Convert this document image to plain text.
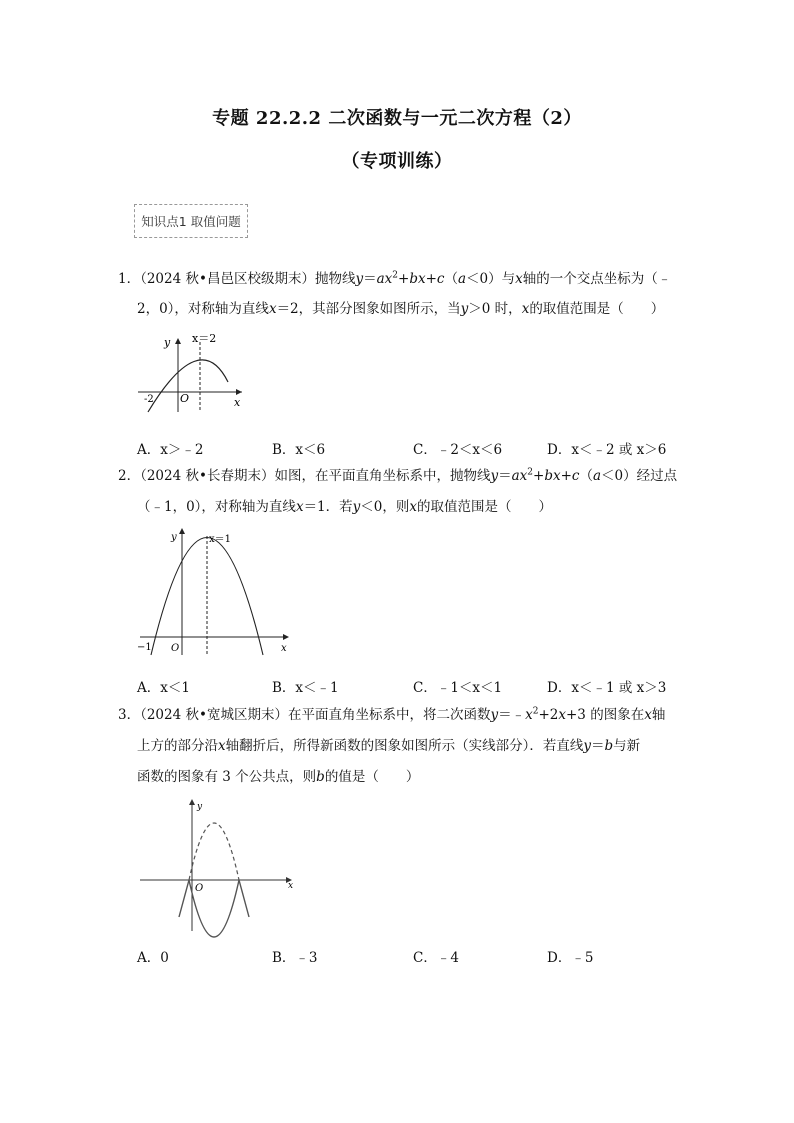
专题 22.2.2 二次函数与一元二次方程（2）
（专项训练）
知识点1 取值问题
1．（2024 秋•昌邑区校级期末）抛物线$y=ax^2+bx+c(a<0)$与x轴的一个交点坐标为（﹣
2，0），对称轴为直线x＝2，其部分图象如图所示，当y＞0 时，x的取值范围是（　　）
y x＝2
O	x
-2
A．x＞﹣2	B．x＜6	C．﹣2＜x＜6	D．x＜﹣2 或 x＞6
2．（2024 秋•长春期末）如图，在平面直角坐标系中，抛物线$y=ax^2+bx+c(a<0)$经过点
（﹣1，0），对称轴为直线x＝1．若y＜0，则x的取值范围是（　　）
y	x＝1
O	x
−1
A．x＜1	B．x＜﹣1	C．﹣1＜x＜1	D．x＜﹣1 或 x＞3
3．（2024 秋•宽城区期末）在平面直角坐标系中，将二次函数$y=﹣x^2+2x+3$ 的图象在x轴
上方的部分沿x轴翻折后，所得新函数的图象如图所示（实线部分）．若直线y＝b与新
函数的图象有 3 个公共点，则b的值是（　　）
y
O	x
A．0	B．﹣3	C．﹣4	D．﹣5
